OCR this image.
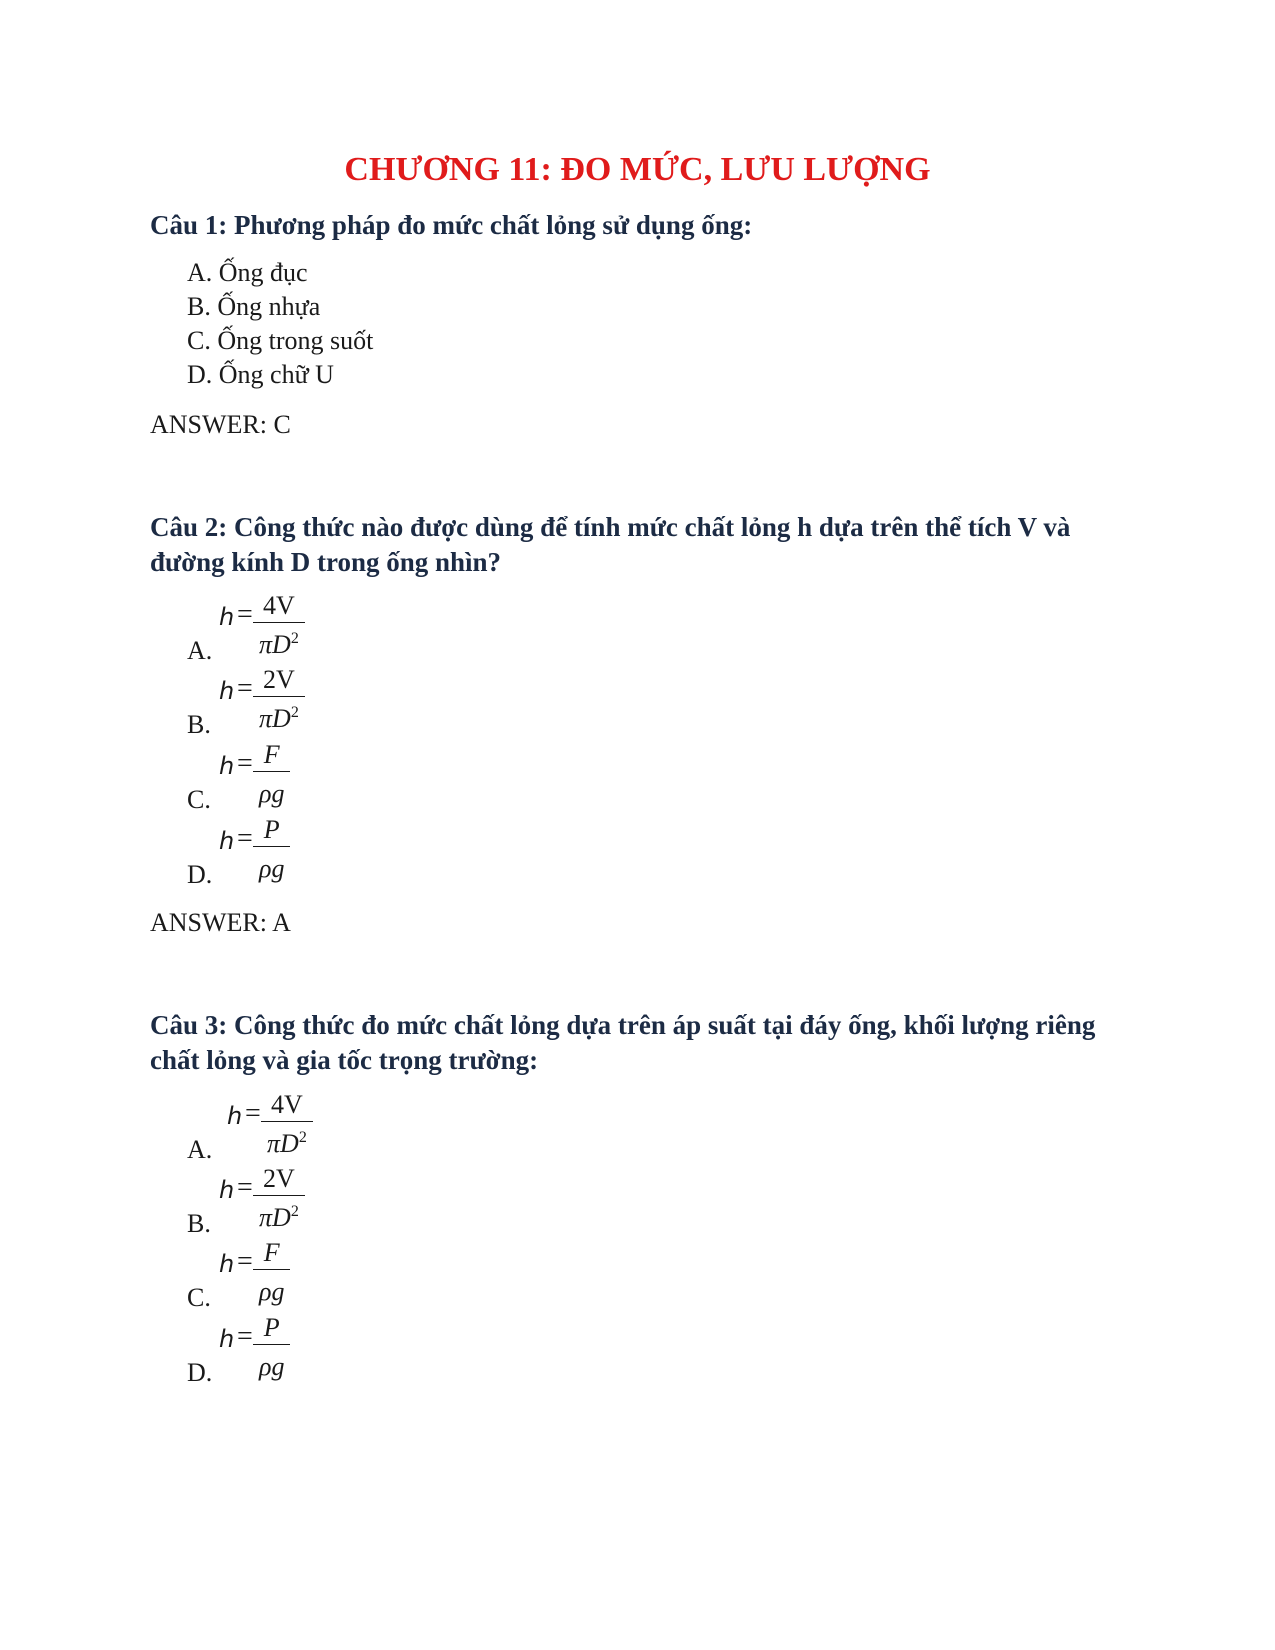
CHƯƠNG 11: ĐO MỨC, LƯU LƯỢNG
Câu 1: Phương pháp đo mức chất lỏng sử dụng ống:
A. Ống đục
B. Ống nhựa
C. Ống trong suốt
D. Ống chữ U
ANSWER: C
Câu 2: Công thức nào được dùng để tính mức chất lỏng h dựa trên thể tích V và đường kính D trong ống nhìn?
A.
$h = \frac{4V}{\pi D^2}$
B.
$h = \frac{2V}{\pi D^2}$
C.
$h = \frac{F}{\rho g}$
D.
$h = \frac{P}{\rho g}$
ANSWER: A
Câu 3: Công thức đo mức chất lỏng dựa trên áp suất tại đáy ống, khối lượng riêng chất lỏng và gia tốc trọng trường:
A.
$h = \frac{4V}{\pi D^2}$
B.
$h = \frac{2V}{\pi D^2}$
C.
$h = \frac{F}{\rho g}$
D.
$h = \frac{P}{\rho g}$
